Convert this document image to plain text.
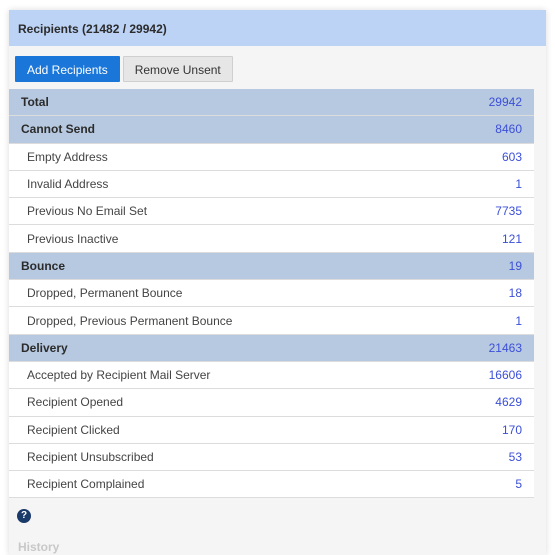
Recipients (21482 / 29942)
Add Recipients	Remove Unsent
Total	29942
Cannot Send	8460
Empty Address	603
Invalid Address	1
Previous No Email Set	7735
Previous Inactive	121
Bounce	19
Dropped, Permanent Bounce	18
Dropped, Previous Permanent Bounce	1
Delivery	21463
Accepted by Recipient Mail Server	16606
Recipient Opened	4629
Recipient Clicked	170
Recipient Unsubscribed	53
Recipient Complained	5
?
History
